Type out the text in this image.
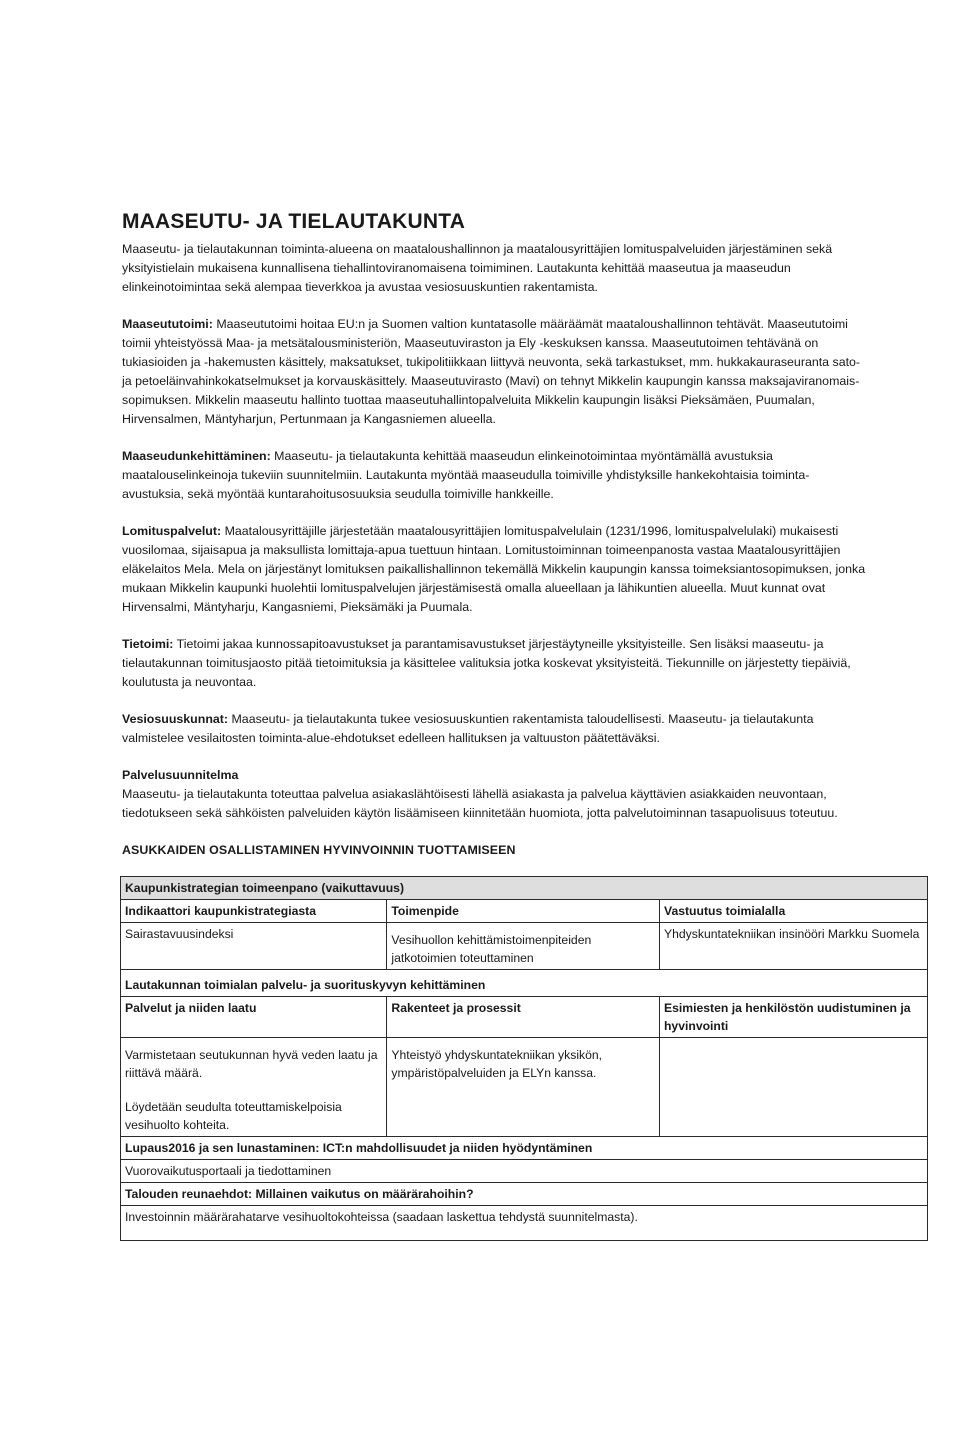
MAASEUTU- JA TIELAUTAKUNTA

Maaseutu- ja tielautakunnan toiminta-alueena on maataloushallinnon ja maatalousyrittäjien lomituspalveluiden järjestäminen sekä yksityistielain mukaisena kunnallisena tiehallintoviranomaisena toimiminen. Lautakunta kehittää maaseutua ja maaseudun elinkeinotoimintaa sekä alempaa tieverkkoa ja avustaa vesiosuuskuntien rakentamista.

Maaseututoimi: Maaseututoimi hoitaa EU:n ja Suomen valtion kuntatasolle määräämät maataloushallinnon tehtävät. Maaseututoimi toimii yhteistyössä Maa- ja metsätalousministeriön, Maaseutuviraston ja Ely -keskuksen kanssa. Maaseututoimen tehtävänä on tukiasioiden ja -hakemusten käsittely, maksatukset, tukipolitiikkaan liittyvä neuvonta, sekä tarkastukset, mm. hukkakauraseuranta sato- ja petoeläinvahinkokatselmukset ja korvauskäsittely. Maaseutuvirasto (Mavi) on tehnyt Mikkelin kaupungin kanssa maksajaviranomais-sopimuksen. Mikkelin maaseutu hallinto tuottaa maaseutuhallintopalveluita Mikkelin kaupungin lisäksi Pieksämäen, Puumalan, Hirvensalmen, Mäntyharjun, Pertunmaan ja Kangasniemen alueella.

Maaseudunkehittäminen: Maaseutu- ja tielautakunta kehittää maaseudun elinkeinotoimintaa myöntämällä avustuksia maatalouselinkeinoja tukeviin suunnitelmiin. Lautakunta myöntää maaseudulla toimiville yhdistyksille hankekohtaisia toiminta-avustuksia, sekä myöntää kuntarahoitusosuuksia seudulla toimiville hankkeille.

Lomituspalvelut: Maatalousyrittäjille järjestetään maatalousyrittäjien lomituspalvelulain (1231/1996, lomituspalvelulaki) mukaisesti vuosilomaa, sijaisapua ja maksullista lomittaja-apua tuettuun hintaan. Lomitustoiminnan toimeenpanosta vastaa Maatalousyrittäjien eläkelaitos Mela. Mela on järjestänyt lomituksen paikallishallinnon tekemällä Mikkelin kaupungin kanssa toimeksiantosopimuksen, jonka mukaan Mikkelin kaupunki huolehtii lomituspalvelujen järjestämisestä omalla alueellaan ja lähikuntien alueella. Muut kunnat ovat Hirvensalmi, Mäntyharju, Kangasniemi, Pieksämäki ja Puumala.

Tietoimi: Tietoimi jakaa kunnossapitoavustukset ja parantamisavustukset järjestäytyneille yksityisteille. Sen lisäksi maaseutu- ja tielautakunnan toimitusjaosto pitää tietoimituksia ja käsittelee valituksia jotka koskevat yksityisteitä. Tiekunnille on järjestetty tiepäiviä, koulutusta ja neuvontaa.

Vesiosuuskunnat: Maaseutu- ja tielautakunta tukee vesiosuuskuntien rakentamista taloudellisesti. Maaseutu- ja tielautakunta valmistelee vesilaitosten toiminta-alue-ehdotukset edelleen hallituksen ja valtuuston päätettäväksi.

Palvelusuunnitelma

Maaseutu- ja tielautakunta toteuttaa palvelua asiakaslähtöisesti lähellä asiakasta ja palvelua käyttävien asiakkaiden neuvontaan, tiedotukseen sekä sähköisten palveluiden käytön lisäämiseen kiinnitetään huomiota, jotta palvelutoiminnan tasapuolisuus toteutuu.

ASUKKAIDEN OSALLISTAMINEN HYVINVOINNIN TUOTTAMISEEN

Kaupunkistrategian toimeenpano (vaikuttavuus)		
Indikaattori kaupunkistrategiasta	Toimenpide	Vastuutus toimialalla
Sairastavuusindeksi	Vesihuollon kehittämistoimenpiteiden jatkotoimien toteuttaminen	Yhdyskuntatekniikan insinööri Markku Suomela
Lautakunnan toimialan palvelu- ja suorituskyvyn kehittäminen		
Palvelut ja niiden laatu	Rakenteet ja prosessit	Esimiesten ja henkilöstön uudistuminen ja hyvinvointi
Varmistetaan seutukunnan hyvä veden laatu ja riittävä määrä.	Yhteistyö yhdyskuntatekniikan yksikön, ympäristöpalveluiden ja ELYn kanssa.	
Löydetään seudulta toteuttamiskelpoisia vesihuolto kohteita.		
Lupaus2016 ja sen lunastaminen: ICT:n mahdollisuudet ja niiden hyödyntäminen		
Vuorovaikutusportaali ja tiedottaminen		
Talouden reunaehdot: Millainen vaikutus on määrärahoihin?		
Investoinnin määrärahatarve vesihuoltokohteissa (saadaan laskettua tehdystä suunnitelmasta).		
